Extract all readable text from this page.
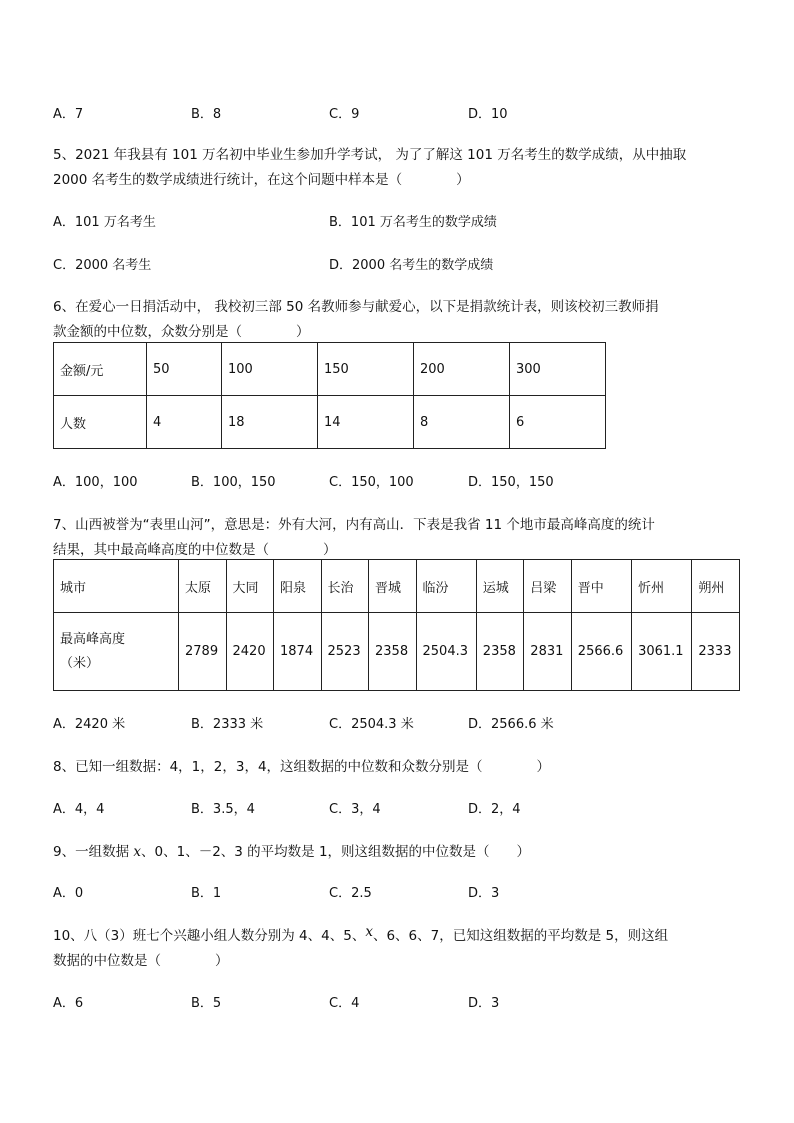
A．7	B．8	C．9	D．10
5、2021 年我县有 101 万名初中毕业生参加升学考试， 为了了解这 101 万名考生的数学成绩，从中抽取
2000 名考生的数学成绩进行统计，在这个问题中样本是（　　　　）
A．101 万名考生	B．101 万名考生的数学成绩
C．2000 名考生	D．2000 名考生的数学成绩
6、在爱心一日捐活动中， 我校初三部 50 名教师参与献爱心，以下是捐款统计表，则该校初三教师捐
款金额的中位数，众数分别是（　　　　）
金额/元	50	100	150	200	300
人数	4	18	14	8	6
A．100，100	B．100，150	C．150，100	D．150，150
7、山西被誉为“表里山河”，意思是：外有大河，内有高山．下表是我省 11 个地市最高峰高度的统计
结果，其中最高峰高度的中位数是（　　　　）
城市	太原	大同	阳泉	长治	晋城	临汾	运城	吕梁	晋中	忻州	朔州

最高峰高度
（米）	2789	2420	1874	2523	2358	2504.3	2358	2831	2566.6	3061.1	2333
A．2420 米	B．2333 米	C．2504.3 米	D．2566.6 米
8、已知一组数据：4，1，2，3，4，这组数据的中位数和众数分别是（　　　　）
A．4，4	B．3.5，4	C．3，4	D．2，4
9、一组数据 x、0、1、－2、3 的平均数是 1，则这组数据的中位数是（　　）
A．0	B．1	C．2.5	D．3
10、八（3）班七个兴趣小组人数分别为 4、4、5、x、6、6、7，已知这组数据的平均数是 5，则这组
数据的中位数是（　　　　）
A．6	B．5	C．4	D．3
